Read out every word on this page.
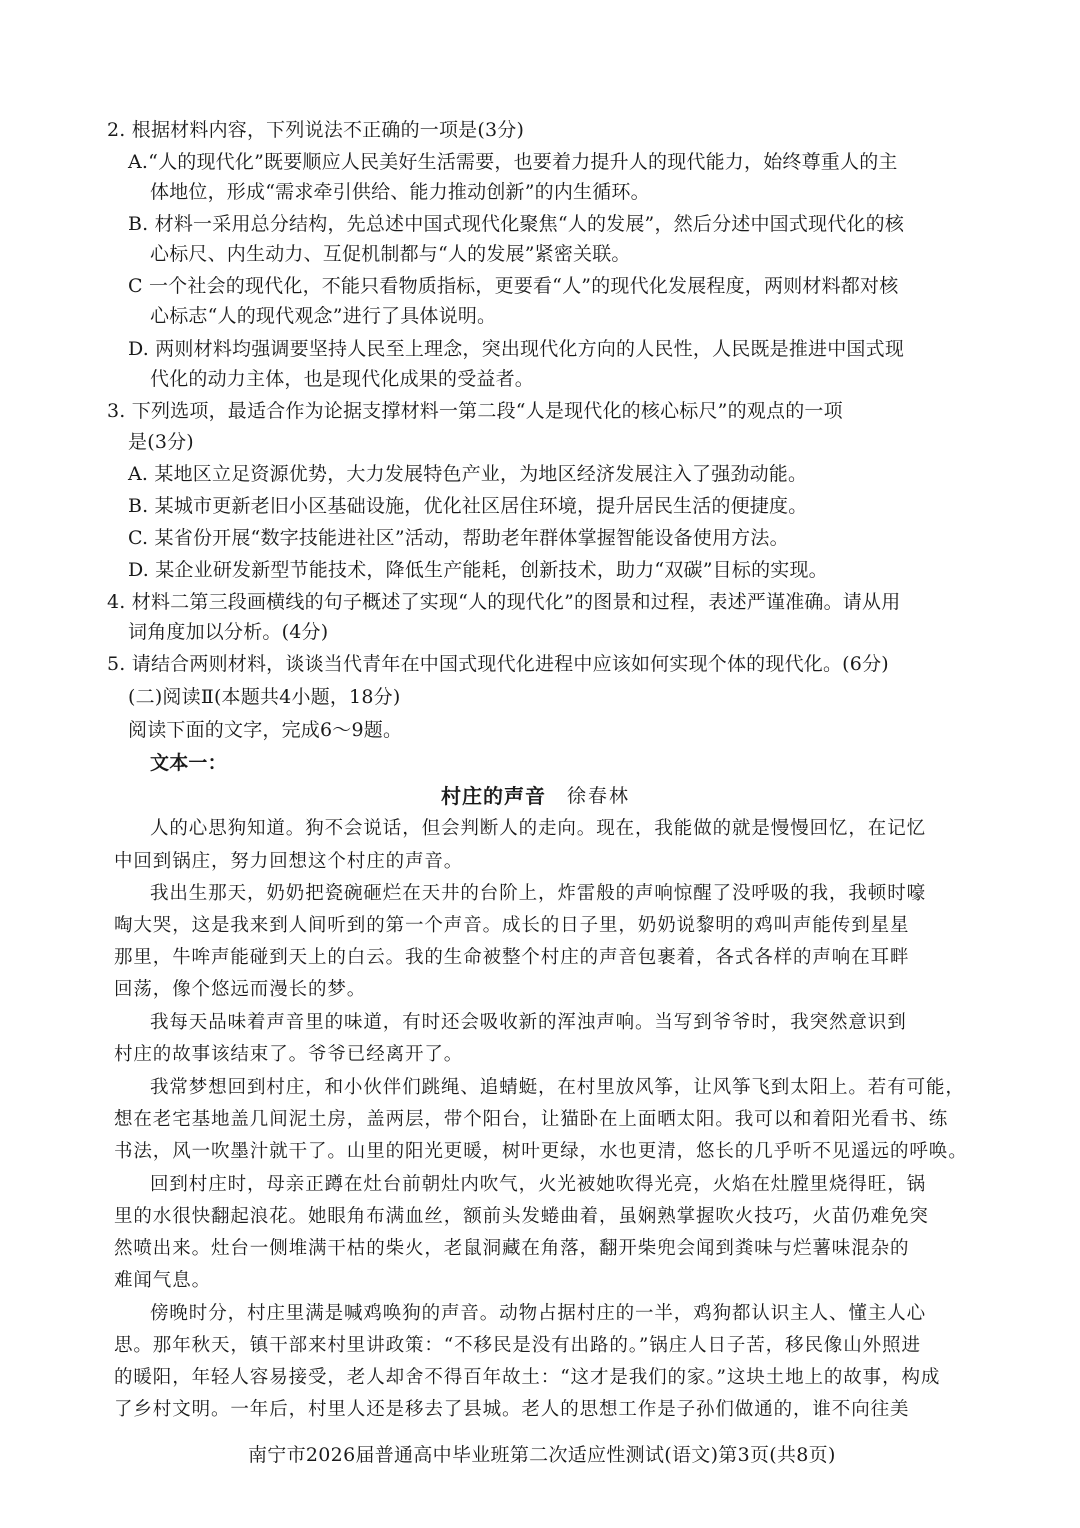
2. 根据材料内容，下列说法不正确的一项是(3分)
A.“人的现代化”既要顺应人民美好生活需要，也要着力提升人的现代能力，始终尊重人的主
体地位，形成“需求牵引供给、能力推动创新”的内生循环。
B. 材料一采用总分结构，先总述中国式现代化聚焦“人的发展”，然后分述中国式现代化的核
心标尺、内生动力、互促机制都与“人的发展”紧密关联。
C 一个社会的现代化，不能只看物质指标，更要看“人”的现代化发展程度，两则材料都对核
心标志“人的现代观念”进行了具体说明。
D. 两则材料均强调要坚持人民至上理念，突出现代化方向的人民性，人民既是推进中国式现
代化的动力主体，也是现代化成果的受益者。
3. 下列选项，最适合作为论据支撑材料一第二段“人是现代化的核心标尺”的观点的一项
是(3分)
A. 某地区立足资源优势，大力发展特色产业，为地区经济发展注入了强劲动能。
B. 某城市更新老旧小区基础设施，优化社区居住环境，提升居民生活的便捷度。
C. 某省份开展“数字技能进社区”活动，帮助老年群体掌握智能设备使用方法。
D. 某企业研发新型节能技术，降低生产能耗，创新技术，助力“双碳”目标的实现。
4. 材料二第三段画横线的句子概述了实现“人的现代化”的图景和过程，表述严谨准确。请从用
词角度加以分析。(4分)
5. 请结合两则材料，谈谈当代青年在中国式现代化进程中应该如何实现个体的现代化。(6分)
(二)阅读Ⅱ(本题共4小题，18分)
阅读下面的文字，完成6～9题。
文本一：
村庄的声音 徐春林
人的心思狗知道。狗不会说话，但会判断人的走向。现在，我能做的就是慢慢回忆，在记忆
中回到锅庄，努力回想这个村庄的声音。
我出生那天，奶奶把瓷碗砸烂在天井的台阶上，炸雷般的声响惊醒了没呼吸的我，我顿时嚎
啕大哭，这是我来到人间听到的第一个声音。成长的日子里，奶奶说黎明的鸡叫声能传到星星
那里，牛哞声能碰到天上的白云。我的生命被整个村庄的声音包裹着，各式各样的声响在耳畔
回荡，像个悠远而漫长的梦。
我每天品味着声音里的味道，有时还会吸收新的浑浊声响。当写到爷爷时，我突然意识到
村庄的故事该结束了。爷爷已经离开了。
我常梦想回到村庄，和小伙伴们跳绳、追蜻蜓，在村里放风筝，让风筝飞到太阳上。若有可能，
想在老宅基地盖几间泥土房，盖两层，带个阳台，让猫卧在上面晒太阳。我可以和着阳光看书、练
书法，风一吹墨汁就干了。山里的阳光更暖，树叶更绿，水也更清，悠长的几乎听不见遥远的呼唤。
回到村庄时，母亲正蹲在灶台前朝灶内吹气，火光被她吹得光亮，火焰在灶膛里烧得旺，锅
里的水很快翻起浪花。她眼角布满血丝，额前头发蜷曲着，虽娴熟掌握吹火技巧，火苗仍难免突
然喷出来。灶台一侧堆满干枯的柴火，老鼠洞藏在角落，翻开柴兜会闻到粪味与烂薯味混杂的
难闻气息。
傍晚时分，村庄里满是喊鸡唤狗的声音。动物占据村庄的一半，鸡狗都认识主人、懂主人心
思。那年秋天，镇干部来村里讲政策：“不移民是没有出路的。”锅庄人日子苦，移民像山外照进
的暖阳，年轻人容易接受，老人却舍不得百年故土：“这才是我们的家。”这块土地上的故事，构成
了乡村文明。一年后，村里人还是移去了县城。老人的思想工作是子孙们做通的，谁不向往美
南宁市2026届普通高中毕业班第二次适应性测试(语文)第3页(共8页)
